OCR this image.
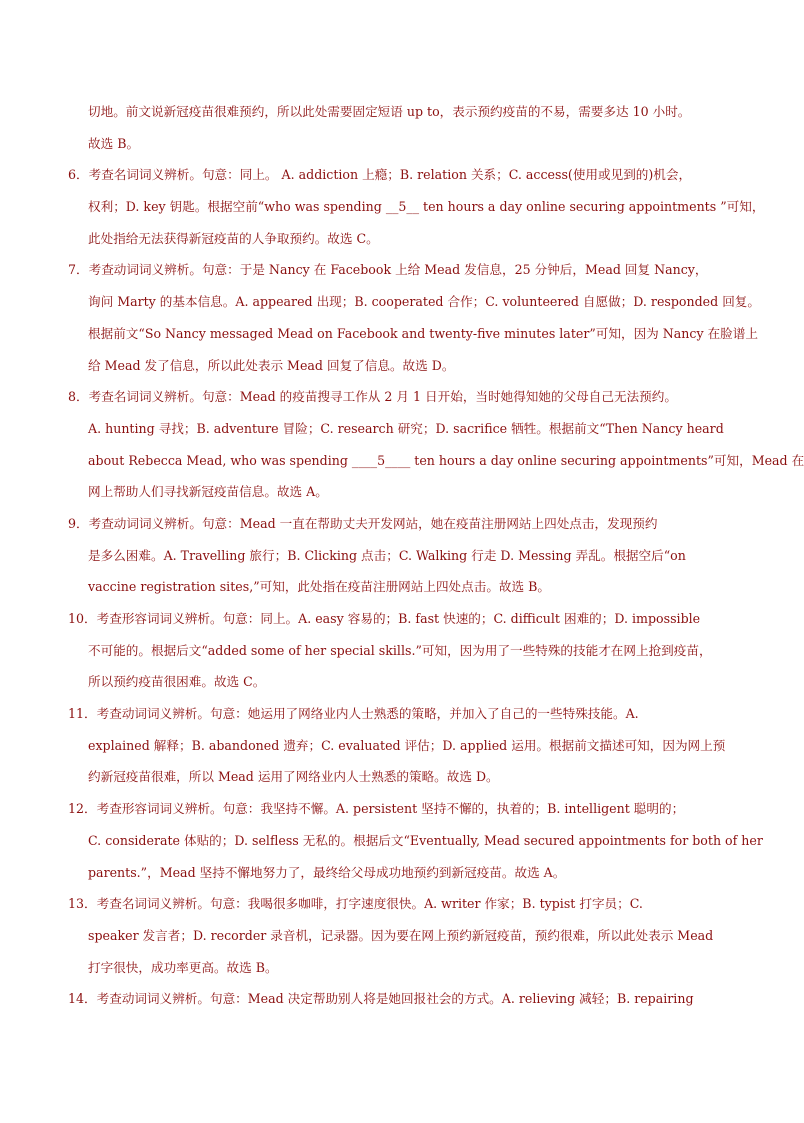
切地。前文说新冠疫苗很难预约，所以此处需要固定短语 up to，表示预约疫苗的不易，需要多达 10 小时。
故选 B。
6．考查名词词义辨析。句意：同上。 A. addiction 上瘾；B. relation 关系；C. access(使用或见到的)机会，
权利；D. key 钥匙。根据空前“who was spending __5__ ten hours a day online securing appointments ”可知，
此处指给无法获得新冠疫苗的人争取预约。故选 C。
7．考查动词词义辨析。句意：于是 Nancy 在 Facebook 上给 Mead 发信息，25 分钟后，Mead 回复 Nancy，
询问 Marty 的基本信息。A. appeared 出现；B. cooperated 合作；C. volunteered 自愿做；D. responded 回复。
根据前文“So Nancy messaged Mead on Facebook and twenty-five minutes later”可知，因为 Nancy 在脸谱上
给 Mead 发了信息，所以此处表示 Mead 回复了信息。故选 D。
8．考查名词词义辨析。句意：Mead 的疫苗搜寻工作从 2 月 1 日开始，当时她得知她的父母自己无法预约。
A. hunting 寻找；B. adventure 冒险；C. research 研究；D. sacrifice 牺牲。根据前文“Then Nancy heard
about Rebecca Mead, who was spending ____5____ ten hours a day online securing appointments”可知，Mead 在
网上帮助人们寻找新冠疫苗信息。故选 A。
9．考查动词词义辨析。句意：Mead 一直在帮助丈夫开发网站，她在疫苗注册网站上四处点击，发现预约
是多么困难。A. Travelling 旅行；B. Clicking 点击；C. Walking 行走 D. Messing 弄乱。根据空后“on
vaccine registration sites,”可知，此处指在疫苗注册网站上四处点击。故选 B。
10．考查形容词词义辨析。句意：同上。A. easy 容易的；B. fast 快速的；C. difficult 困难的；D. impossible
不可能的。根据后文“added some of her special skills.”可知，因为用了一些特殊的技能才在网上抢到疫苗，
所以预约疫苗很困难。故选 C。
11．考查动词词义辨析。句意：她运用了网络业内人士熟悉的策略，并加入了自己的一些特殊技能。A.
explained 解释；B. abandoned 遗弃；C. evaluated 评估；D. applied 运用。根据前文描述可知，因为网上预
约新冠疫苗很难，所以 Mead 运用了网络业内人士熟悉的策略。故选 D。
12．考查形容词词义辨析。句意：我坚持不懈。A. persistent 坚持不懈的，执着的；B. intelligent 聪明的；
C. considerate 体贴的；D. selfless 无私的。根据后文“Eventually, Mead secured appointments for both of her
parents.”，Mead 坚持不懈地努力了，最终给父母成功地预约到新冠疫苗。故选 A。
13．考查名词词义辨析。句意：我喝很多咖啡，打字速度很快。A. writer 作家；B. typist 打字员；C.
speaker 发言者；D. recorder 录音机，记录器。因为要在网上预约新冠疫苗，预约很难，所以此处表示 Mead
打字很快，成功率更高。故选 B。
14．考查动词词义辨析。句意：Mead 决定帮助别人将是她回报社会的方式。A. relieving 减轻；B. repairing
